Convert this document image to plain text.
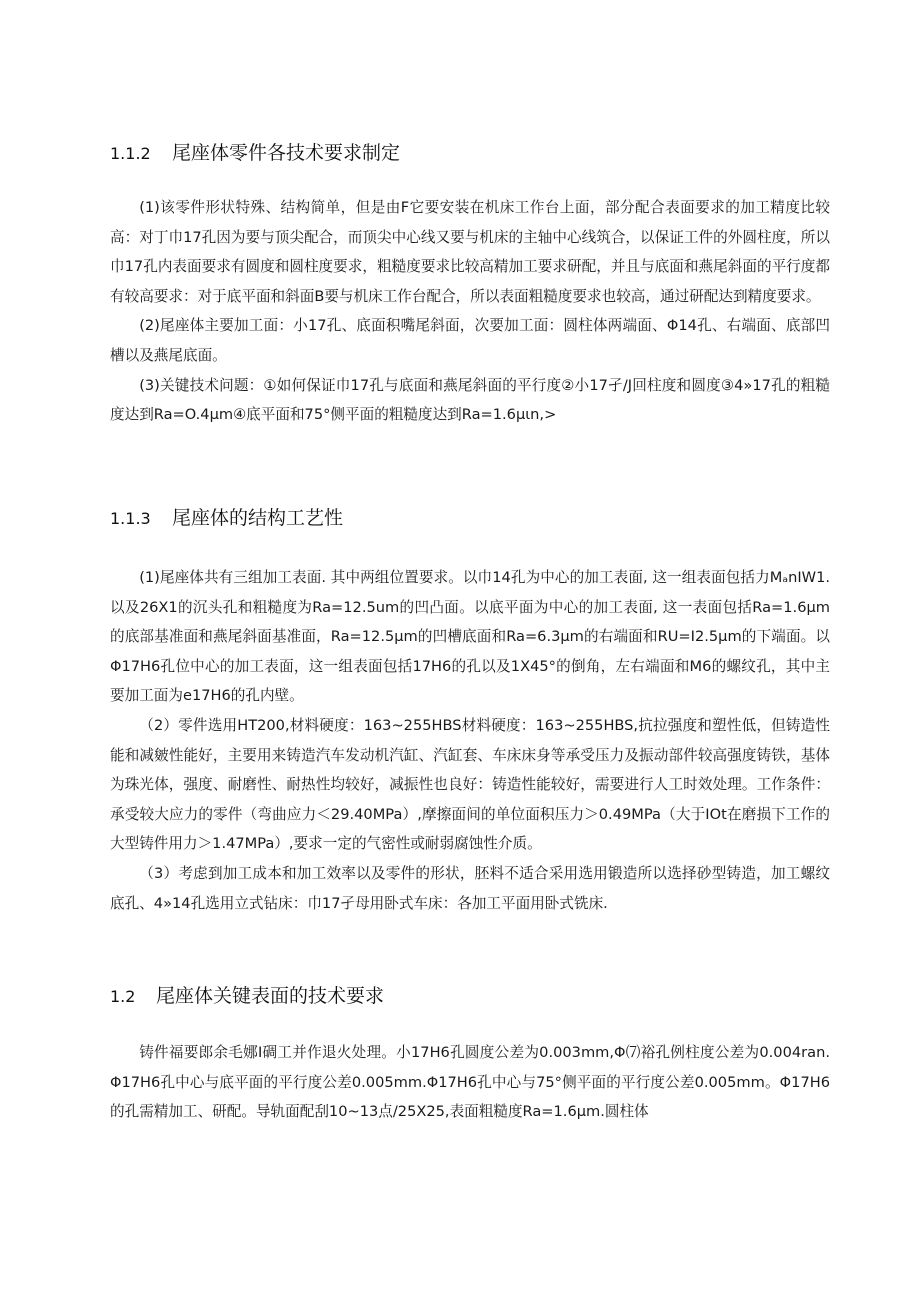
1.1.2 尾座体零件各技术要求制定

(1)该零件形状特殊、结构简单，但是由F它要安装在机床工作台上面，部分配合表面要求的加工精度比较高：对丁巾17孔因为要与顶尖配合，而顶尖中心线又要与机床的主轴中心线筑合，以保证工件的外圆柱度，所以巾17孔内表面要求有圆度和圆柱度要求，粗糙度要求比较高精加工要求研配，并且与底面和燕尾斜面的平行度都有较高要求：对于底平面和斜面B要与机床工作台配合，所以表面粗糙度要求也较高，通过研配达到精度要求。

(2)尾座体主要加工面：小17孔、底面积嘴尾斜面，次要加工面：圆柱体两端面、Φ14孔、右端面、底部凹槽以及燕尾底面。

(3)关键技术问题：①如何保证巾17孔与底面和燕尾斜面的平行度②小17孑/J回柱度和圆度③4»17孔的粗糙度达到Ra=O.4μm④底平面和75°侧平面的粗糙度达到Ra=1.6μιn,>

1.1.3 尾座体的结构工艺性

(1)尾座体共有三组加工表面. 其中两组位置要求。以巾14孔为中心的加工表面, 这一组表面包括力MₐnIW1.以及26X1的沉头孔和粗糙度为Ra=12.5um的凹凸面。以底平面为中心的加工表面, 这一表面包括Ra=1.6μm的底部基准面和燕尾斜面基准面，Ra=12.5μm的凹槽底面和Ra=6.3μm的右端面和RU=I2.5μm的下端面。以Φ17H6孔位中心的加工表面，这一组表面包括17H6的孔以及1X45°的倒角，左右端面和M6的螺纹孔，其中主要加工面为e17H6的孔内壁。

（2）零件选用HT200,材料硬度：163~255HBS材料硬度：163~255HBS,抗拉强度和塑性低，但铸造性能和减皴性能好，主要用来铸造汽车发动机汽缸、汽缸套、车床床身等承受压力及振动部件较高强度铸铁，基体为珠光体，强度、耐磨性、耐热性均较好，减振性也良好：铸造性能较好，需要进行人工时效处理。工作条件：承受较大应力的零件（弯曲应力＜29.40MPa）,摩擦面间的单位面积压力＞0.49MPa（大于IOt在磨损下工作的大型铸件用力＞1.47MPa）,要求一定的气密性或耐弱腐蚀性介质。

（3）考虑到加工成本和加工效率以及零件的形状，胚料不适合采用选用锻造所以选择砂型铸造，加工螺纹底孔、4»14孔选用立式钻床：巾17孑母用卧式车床：各加工平面用卧式铣床.

1.2 尾座体关键表面的技术要求

铸件福要郎余毛娜I碉工并作退火处理。小17H6孔圆度公差为0.003mm,Φ⑺裕孔例柱度公差为0.004ran.Φ17H6孔中心与底平面的平行度公差0.005mm.Φ17H6孔中心与75°侧平面的平行度公差0.005mm。Φ17H6的孔需精加工、研配。导轨面配刮10~13点/25X25,表面粗糙度Ra=1.6μm.圆柱体
